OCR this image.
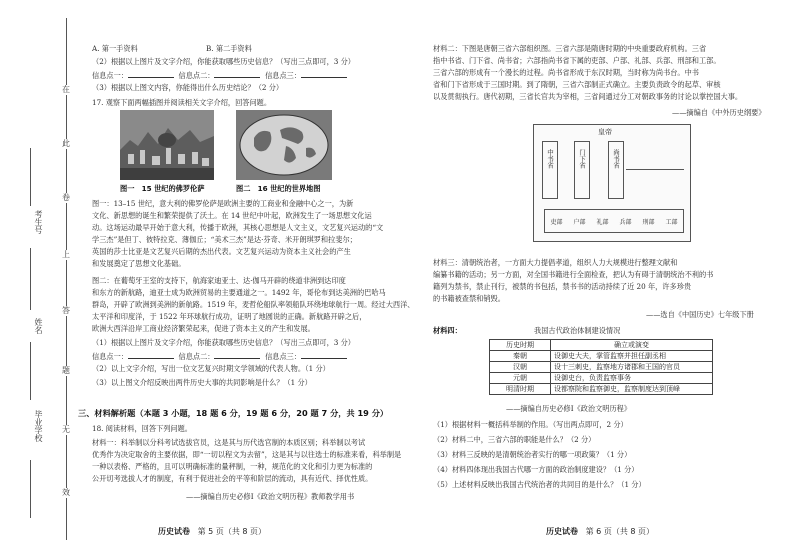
在
此
卷
上
答
题
无
效
考生号
姓名
毕业学校
A. 第一手资料	B. 第二手资料
（2）根据以上图片及文字介绍，你能获取哪些历史信息？（写出三点即可，3 分）
信息点一：	信息点二：	信息点三：
（3）根据以上图文内容，你能得出什么历史结论？（2 分）
17. 观察下面两幅插图并阅读相关文字介绍，回答问题。
图一　15 世纪的佛罗伦萨	图二　16 世纪的世界地图
图一：13–15 世纪，意大利的佛罗伦萨是欧洲主要的工商业和金融中心之一，为新
文化、新思想的诞生和繁荣提供了沃土。在 14 世纪中叶起，欧洲发生了一场思想文化运
动。这场运动最早开始于意大利，传播于欧洲，其核心思想是人文主义，文艺复兴运动的“文
学三杰”是但丁、彼特拉克、薄伽丘；“美术三杰”是达·芬奇、米开朗琪罗和拉斐尔；
英国的莎士比亚是文艺复兴后期的杰出代表。文艺复兴运动为资本主义社会的产生
和发展奠定了思想文化基础。
图二：在葡萄牙王室的支持下，航海家迪亚士、达·伽马开辟的绕道非洲到达印度
和东方的新航路，迪亚士成为欧洲贸易的主要通道之一。1492 年，哥伦布到达美洲的巴哈马
群岛，开辟了欧洲到美洲的新航路。1519 年，麦哲伦船队率领船队环绕地球航行一周。经过大西洋、
太平洋和印度洋，于 1522 年环球航行成功，证明了地圆说的正确。新航路开辟之后，
欧洲大西洋沿岸工商业经济繁荣起来，促进了资本主义的产生和发展。
（1）根据以上图片及文字介绍，你能获取哪些历史信息？（写出三点即可，3 分）
信息点一：	信息点二：	信息点三：
（2）以上文字介绍，写出一位文艺复兴时期文学领域的代表人物。（1 分）
（3）以上图文介绍反映出两件历史大事的共同影响是什么？（1 分）
三、材料解析题（本题 3 小题，18 题 6 分，19 题 6 分，20 题 7 分，共 19 分）
18. 阅读材料，回答下列问题。
材料一：科举制以分科考试选拔官员，这是其与历代选官制的本质区别；科举制以考试
优秀作为决定取舍的主要依据，即“一切以程文为去留”，这是其与以往选士的标准来看，科举制是
一种以表格、严格的，且可以明确标准的量秤制，一种，规范化的文化和引力更为标准的
公开切考选拔人才的制度，有利于促进社会的平等和阶层的流动，具有近代、择优性质。
——摘编自历史必修Ⅰ《政治文明历程》教师教学用书
历史试卷 第 5 页（共 8 页）
材料二：下图是唐朝三省六部组织图。三省六部是隋唐时期的中央重要政府机构。三省
指中书省、门下省、尚书省；六部指尚书省下属的吏部、户部、礼部、兵部、刑部和工部。
三省六部的形成有一个漫长的过程。尚书省形成于东汉时期，当时称为尚书台。中书
省和门下省形成于三国时期。到了隋朝，三省六部制正式确立。主要负责政令的起草、审核
以及贯彻执行。唐代初期，三省长官共为宰相，三省间通过分工对朝政事务的讨论以掌控国大事。
——摘编自《中外历史纲要》
皇帝
中书省	门下省	尚书省
吏部 户部 礼部 兵部 刑部 工部
材料三：清朝统治者，一方面大力提倡孝道，组织人力大规模进行整理文献和
编纂书籍的活动；另一方面，对全国书籍进行全面检查，把认为有碍于清朝统治不利的书
籍列为禁书，禁止刊行，被禁的书包括，禁书书的活动持续了近 20 年，许多珍贵
的书籍被查禁和销毁。
——选自《中国历史》七年级下册
材料四：	我国古代政治体制建设情况
历史时期	确立或演变
秦朝	设御史大夫，掌管监察并担任副丞相
汉朝	设十三刺史，监察地方诸郡和王国的官员
元朝	设御史台，负责监察事务
明清时期	设都察院和监察御史，监察制度达到顶峰
——摘编自历史必修Ⅰ《政治文明历程》
（1）根据材料一概括科举制的作用。（写出两点即可，2 分）
（2）材料二中，三省六部的职能是什么？（2 分）
（3）材料三反映的是清朝统治者实行的哪一项政策？（1 分）
（4）材料四体现出我国古代哪一方面的政治制度建设？（1 分）
（5）上述材料反映出我国古代统治者的共同目的是什么？（1 分）
历史试卷 第 6 页（共 8 页）
